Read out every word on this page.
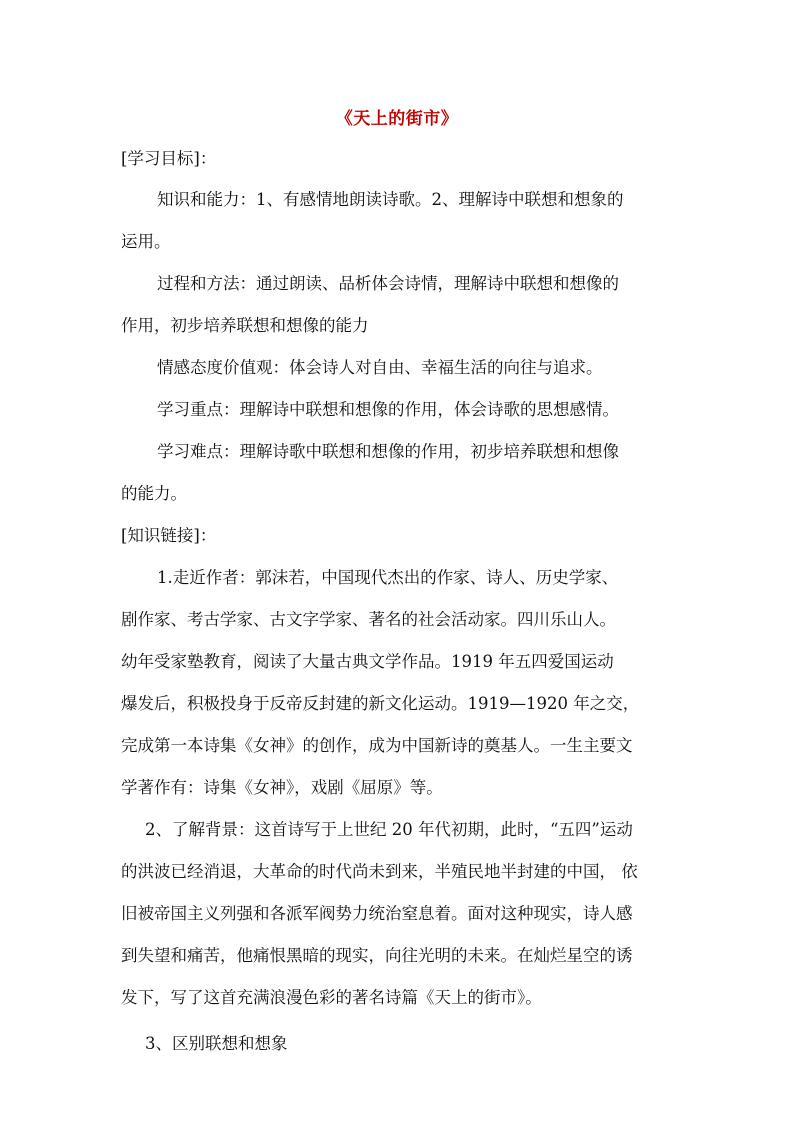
《天上的街市》
[学习目标]：
知识和能力：1、有感情地朗读诗歌。2、理解诗中联想和想象的
运用。
过程和方法：通过朗读、品析体会诗情，理解诗中联想和想像的
作用，初步培养联想和想像的能力
情感态度价值观：体会诗人对自由、幸福生活的向往与追求。
学习重点：理解诗中联想和想像的作用，体会诗歌的思想感情。
学习难点：理解诗歌中联想和想像的作用，初步培养联想和想像
的能力。
[知识链接]：
1.走近作者：郭沫若，中国现代杰出的作家、诗人、历史学家、
剧作家、考古学家、古文字学家、著名的社会活动家。四川乐山人。
幼年受家塾教育，阅读了大量古典文学作品。1919 年五四爱国运动
爆发后，积极投身于反帝反封建的新文化运动。1919—1920 年之交，
完成第一本诗集《女神》的创作，成为中国新诗的奠基人。一生主要文
学著作有：诗集《女神》，戏剧《屈原》等。
2、了解背景：这首诗写于上世纪 20 年代初期，此时，“五四”运动
的洪波已经消退，大革命的时代尚未到来，半殖民地半封建的中国， 依
旧被帝国主义列强和各派军阀势力统治窒息着。面对这种现实，诗人感
到失望和痛苦，他痛恨黑暗的现实，向往光明的未来。在灿烂星空的诱
发下，写了这首充满浪漫色彩的著名诗篇《天上的街市》。
3、区别联想和想象
